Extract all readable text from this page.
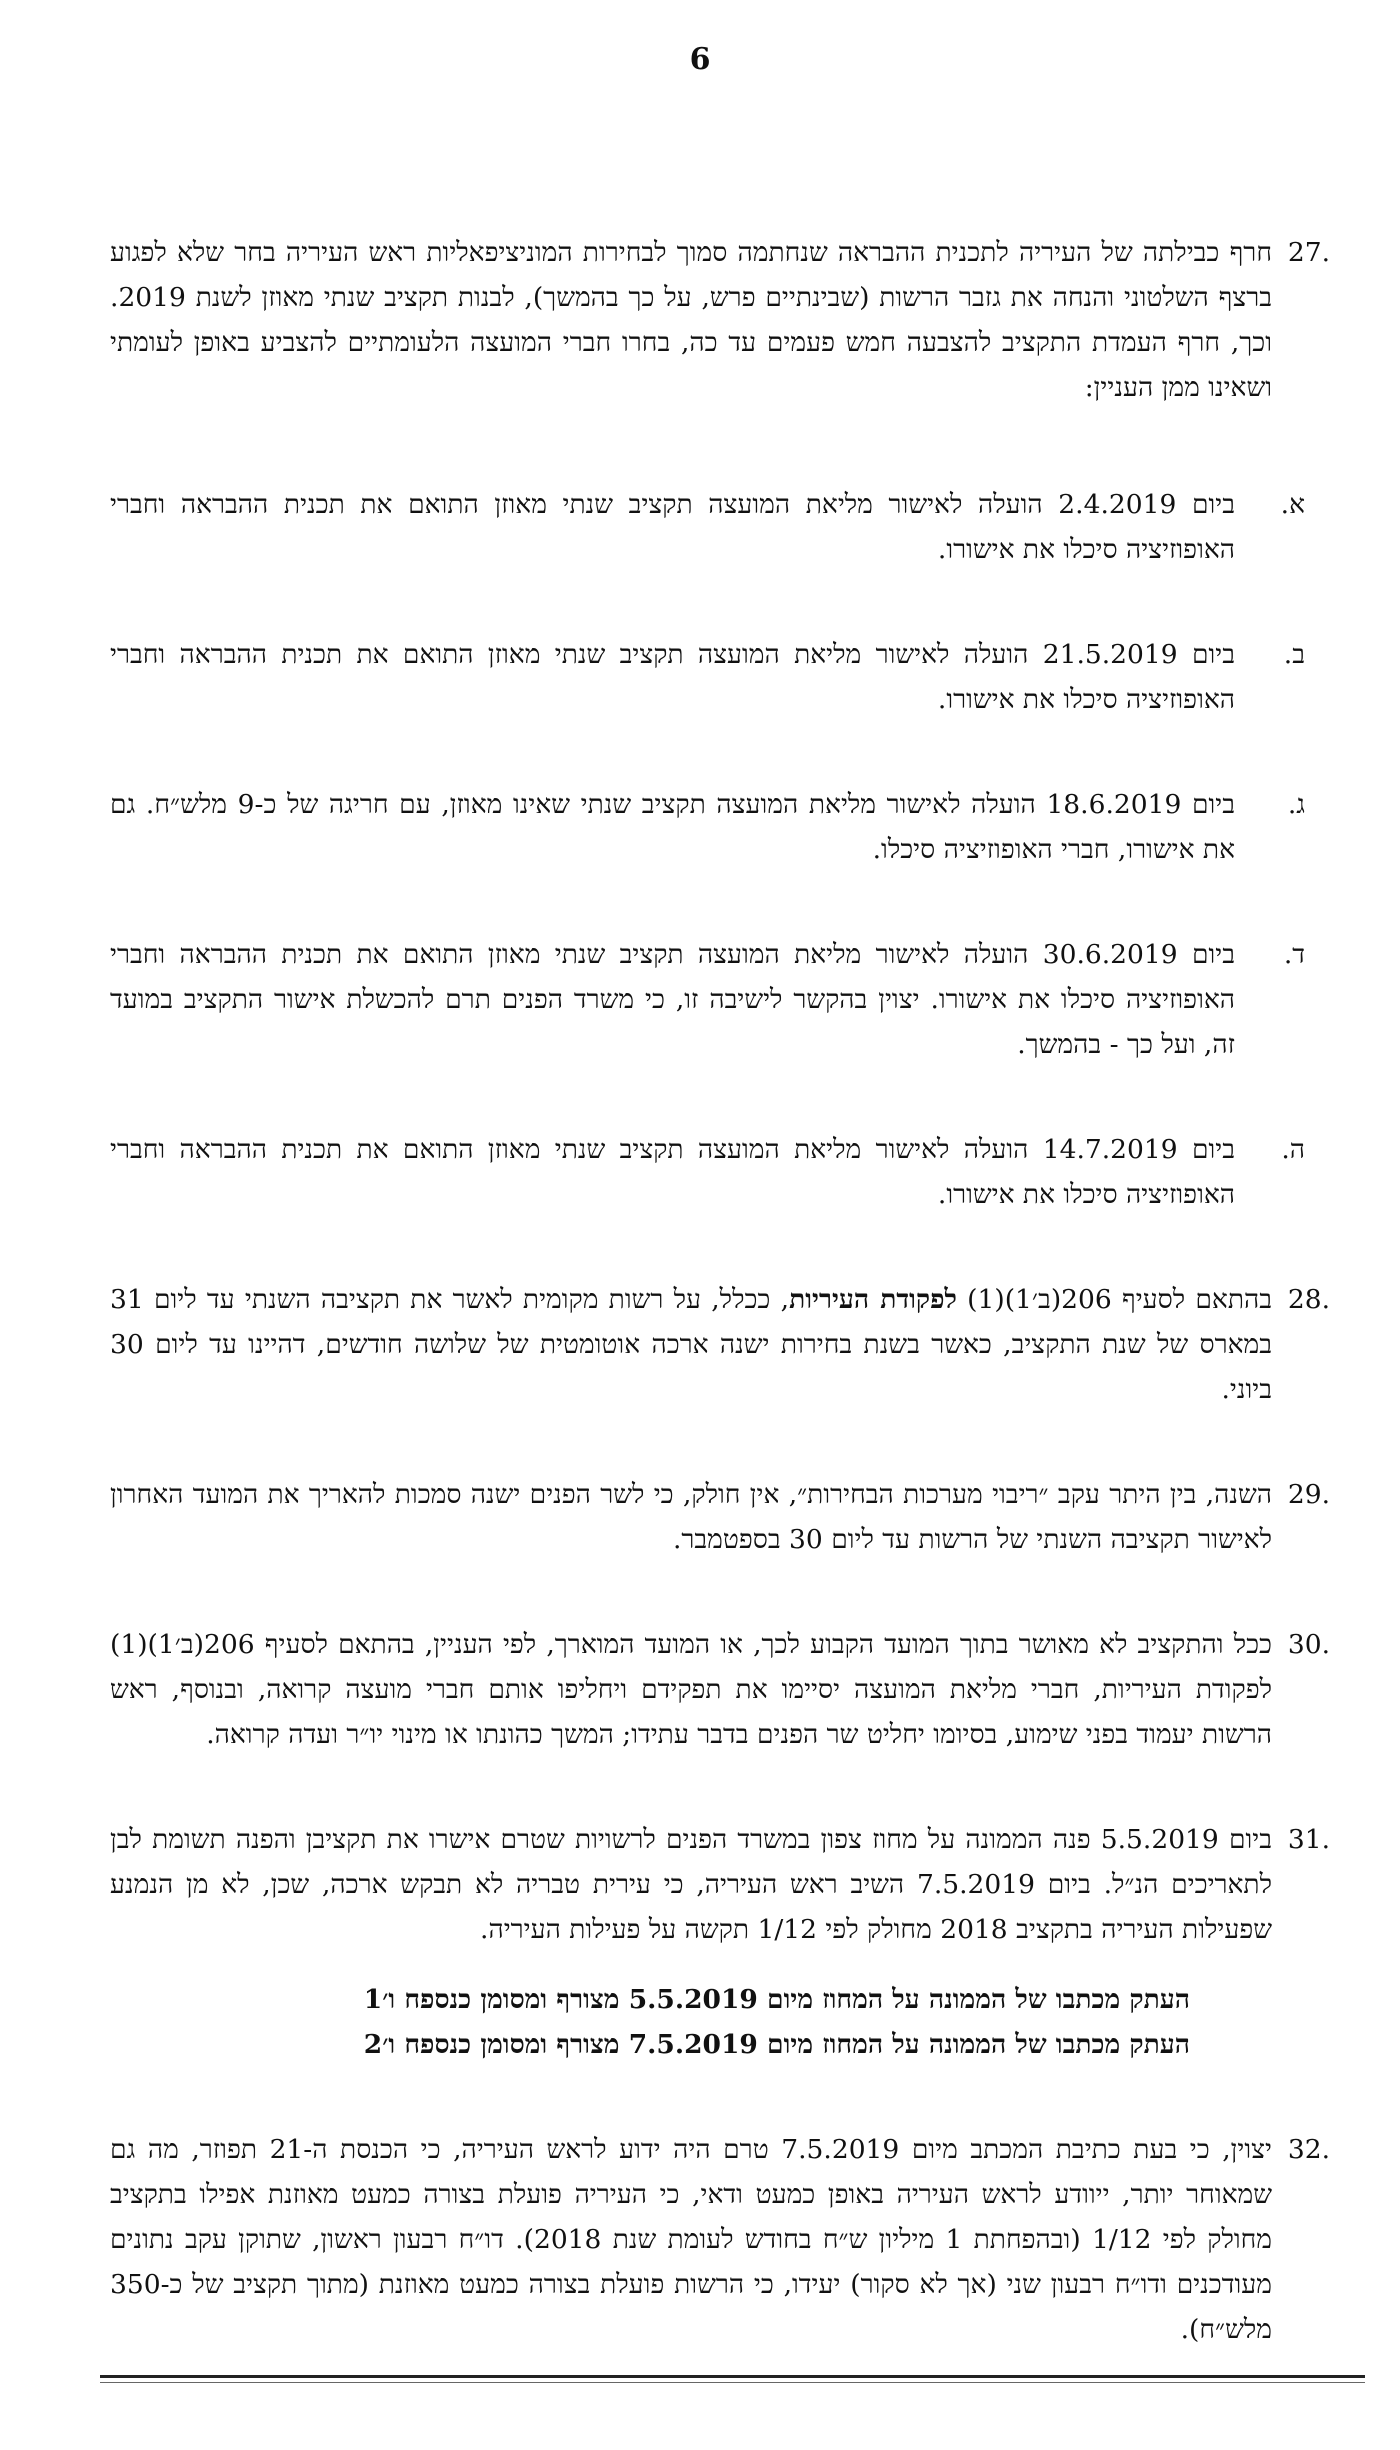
6
.27
חרף כבילתה של העיריה לתכנית ההבראה שנחתמה סמוך לבחירות המוניציפאליות ראש העיריה בחר שלא לפגוע ברצף השלטוני והנחה את גזבר הרשות (שבינתיים פרש, על כך בהמשך), לבנות תקציב שנתי מאוזן לשנת 2019. וכך, חרף העמדת התקציב להצבעה חמש פעמים עד כה, בחרו חברי המועצה הלעומתיים להצביע באופן לעומתי ושאינו ממן העניין:
א.
ביום 2.4.2019 הועלה לאישור מליאת המועצה תקציב שנתי מאוזן התואם את תכנית ההבראה וחברי האופוזיציה סיכלו את אישורו.
ב.
ביום 21.5.2019 הועלה לאישור מליאת המועצה תקציב שנתי מאוזן התואם את תכנית ההבראה וחברי האופוזיציה סיכלו את אישורו.
ג.
ביום 18.6.2019 הועלה לאישור מליאת המועצה תקציב שנתי שאינו מאוזן, עם חריגה של כ-9 מלש״ח. גם את אישורו, חברי האופוזיציה סיכלו.
ד.
ביום 30.6.2019 הועלה לאישור מליאת המועצה תקציב שנתי מאוזן התואם את תכנית ההבראה וחברי האופוזיציה סיכלו את אישורו. יצוין בהקשר לישיבה זו, כי משרד הפנים תרם להכשלת אישור התקציב במועד זה, ועל כך - בהמשך.
ה.
ביום 14.7.2019 הועלה לאישור מליאת המועצה תקציב שנתי מאוזן התואם את תכנית ההבראה וחברי האופוזיציה סיכלו את אישורו.
.28
בהתאם לסעיף 206(ב׳1)(1) לפקודת העיריות, ככלל, על רשות מקומית לאשר את תקציבה השנתי עד ליום 31 במארס של שנת התקציב, כאשר בשנת בחירות ישנה ארכה אוטומטית של שלושה חודשים, דהיינו עד ליום 30 ביוני.
.29
השנה, בין היתר עקב ״ריבוי מערכות הבחירות״, אין חולק, כי לשר הפנים ישנה סמכות להאריך את המועד האחרון לאישור תקציבה השנתי של הרשות עד ליום 30 בספטמבר.
.30
ככל והתקציב לא מאושר בתוך המועד הקבוע לכך, או המועד המוארך, לפי העניין, בהתאם לסעיף 206(ב׳1)(1) לפקודת העיריות, חברי מליאת המועצה יסיימו את תפקידם ויחליפו אותם חברי מועצה קרואה, ובנוסף, ראש הרשות יעמוד בפני שימוע, בסיומו יחליט שר הפנים בדבר עתידו; המשך כהונתו או מינוי יו״ר ועדה קרואה.
.31
ביום 5.5.2019 פנה הממונה על מחוז צפון במשרד הפנים לרשויות שטרם אישרו את תקציבן והפנה תשומת לבן לתאריכים הנ״ל. ביום 7.5.2019 השיב ראש העיריה, כי עירית טבריה לא תבקש ארכה, שכן, לא מן הנמנע שפעילות העיריה בתקציב 2018 מחולק לפי 1/12 תקשה על פעילות העיריה.
העתק מכתבו של הממונה על המחוז מיום 5.5.2019 מצורף ומסומן כנספח ו׳1
העתק מכתבו של הממונה על המחוז מיום 7.5.2019 מצורף ומסומן כנספח ו׳2
.32
יצוין, כי בעת כתיבת המכתב מיום 7.5.2019 טרם היה ידוע לראש העיריה, כי הכנסת ה-21 תפוזר, מה גם שמאוחר יותר, ייוודע לראש העיריה באופן כמעט ודאי, כי העיריה פועלת בצורה כמעט מאוזנת אפילו בתקציב מחולק לפי 1/12 (ובהפחתת 1 מיליון ש״ח בחודש לעומת שנת 2018). דו״ח רבעון ראשון, שתוקן עקב נתונים מעודכנים ודו״ח רבעון שני (אך לא סקור) יעידו, כי הרשות פועלת בצורה כמעט מאוזנת (מתוך תקציב של כ-350 מלש״ח).
